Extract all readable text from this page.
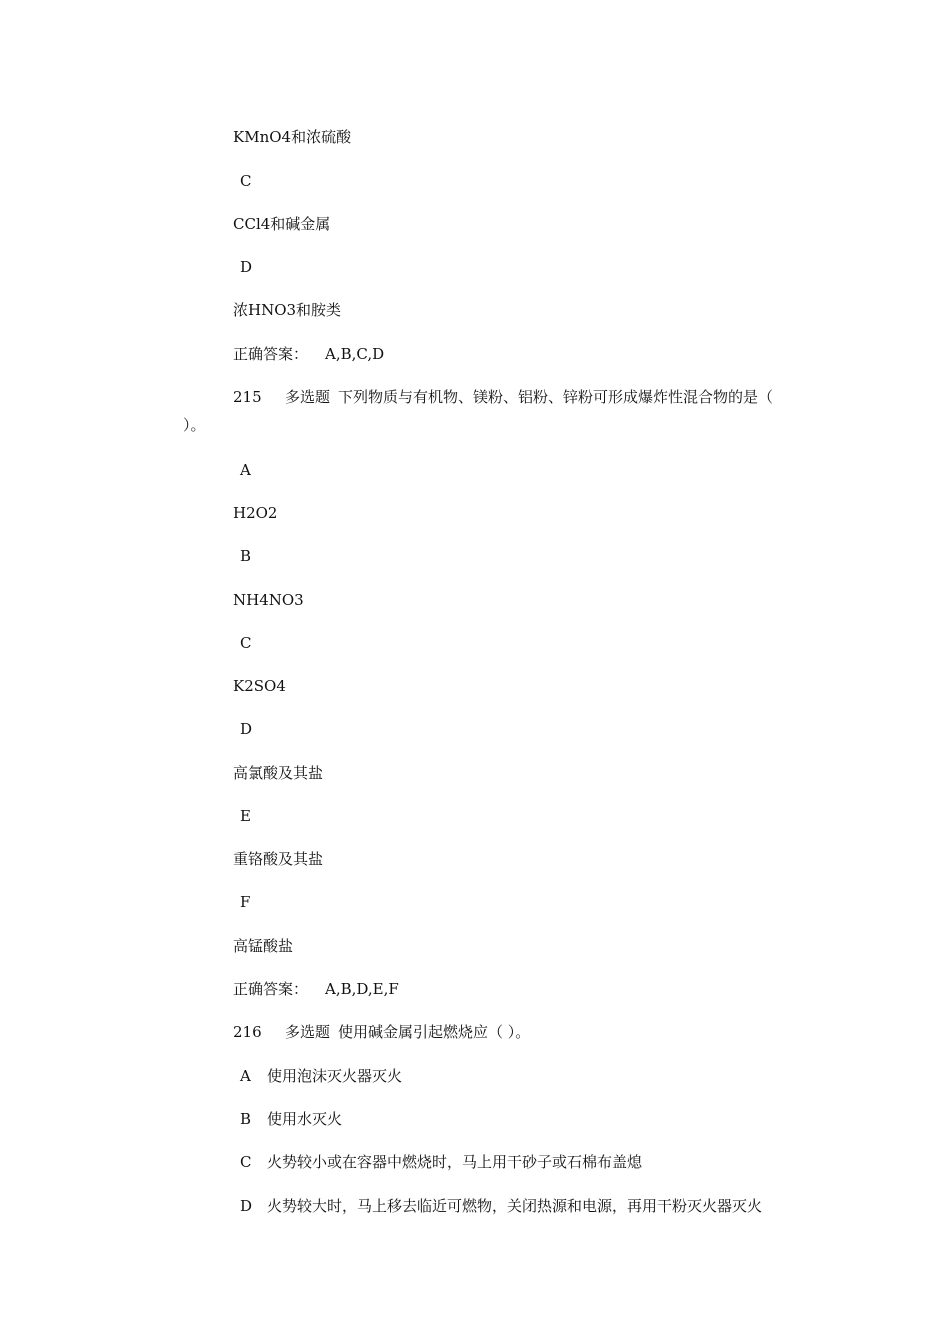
KMnO4和浓硫酸
C
CCl4和碱金属
D
浓HNO3和胺类
正确答案： A,B,C,D
215 多选题 下列物质与有机物、镁粉、铝粉、锌粉可形成爆炸性混合物的是（
）。
A
H2O2
B
NH4NO3
C
K2SO4
D
高氯酸及其盐
E
重铬酸及其盐
F
高锰酸盐
正确答案： A,B,D,E,F
216 多选题 使用碱金属引起燃烧应（ ）。
A 使用泡沫灭火器灭火
B 使用水灭火
C 火势较小或在容器中燃烧时，马上用干砂子或石棉布盖熄
D 火势较大时，马上移去临近可燃物，关闭热源和电源，再用干粉灭火器灭火
